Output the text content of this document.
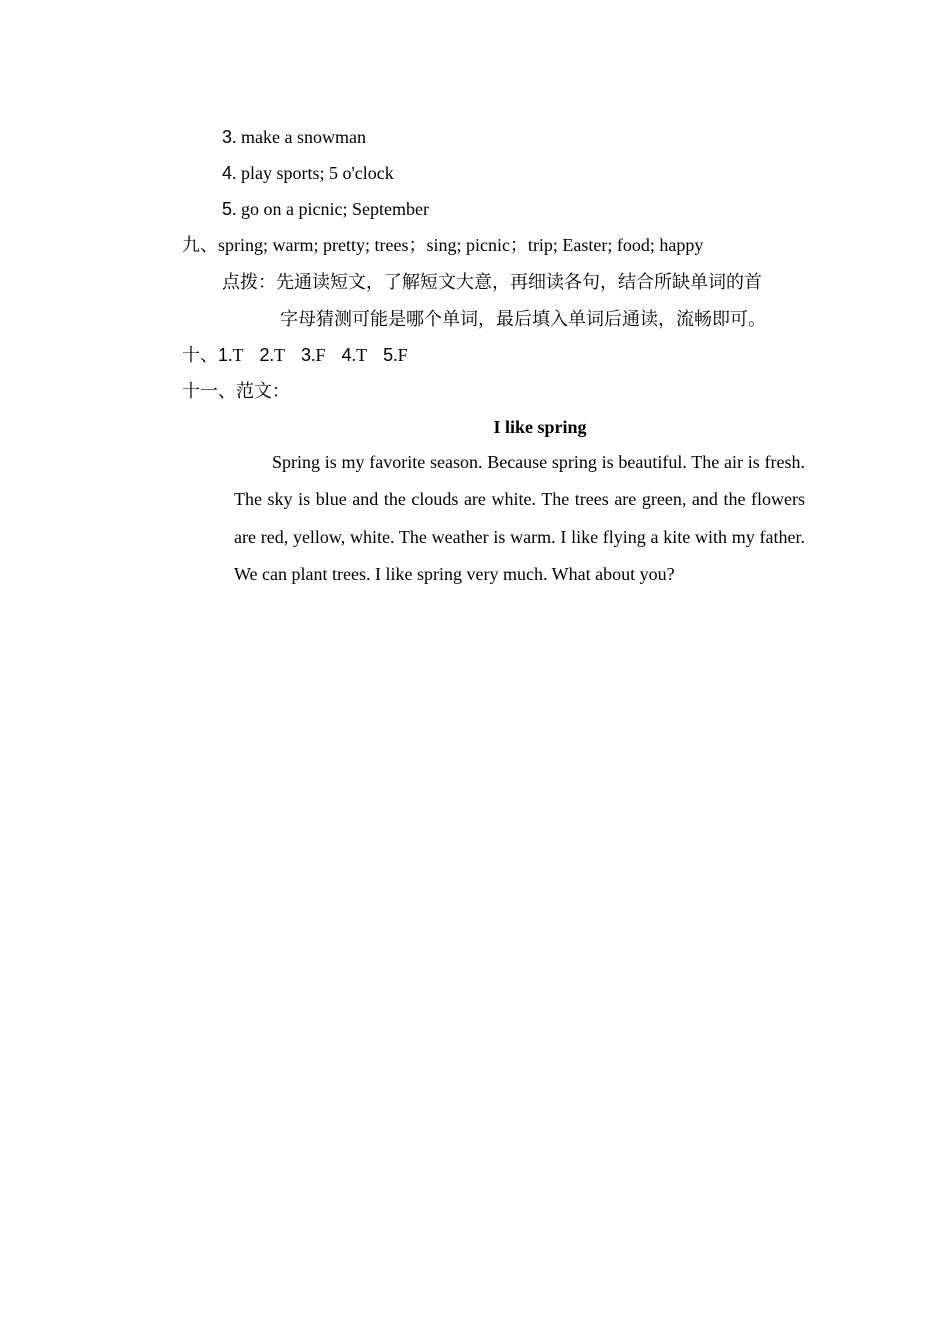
3. make a snowman
4. play sports; 5 o'clock
5. go on a picnic; September
九、spring; warm; pretty; trees；sing; picnic；trip; Easter; food; happy
点拨：先通读短文，了解短文大意，再细读各句，结合所缺单词的首
字母猜测可能是哪个单词，最后填入单词后通读，流畅即可。
十、1.T 2.T 3.F 4.T 5.F
十一、范文：
I like spring
Spring is my favorite season. Because spring is beautiful. The air is fresh. The sky is blue and the clouds are white. The trees are green, and the flowers are red, yellow, white. The weather is warm. I like flying a kite with my father. We can plant trees. I like spring very much. What about you?
